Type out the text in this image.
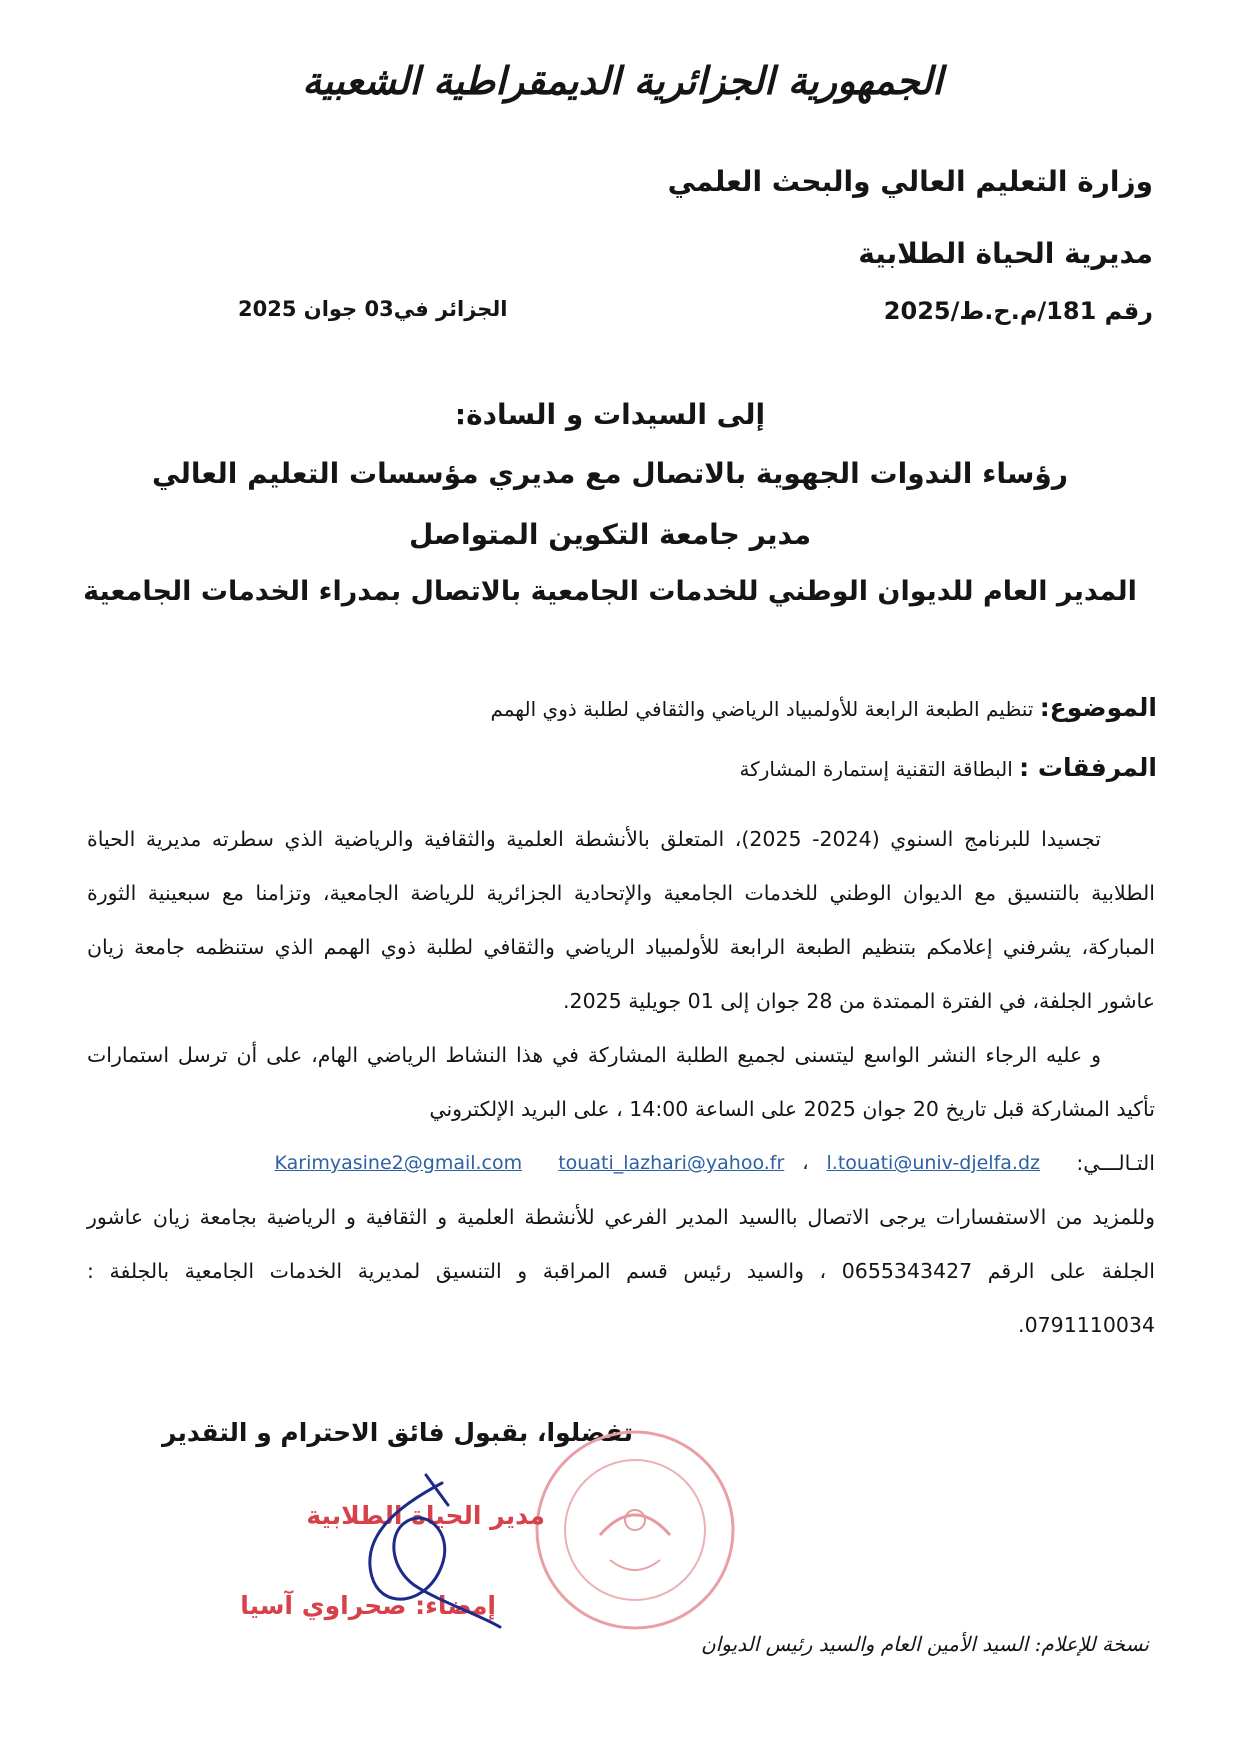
الجمهورية الجزائرية الديمقراطية الشعبية
وزارة التعليم العالي والبحث العلمي
مديرية الحياة الطلابية
رقم 181/م.ح.ط/2025
الجزائر في03 جوان 2025
إلى السيدات و السادة:
رؤساء الندوات الجهوية بالاتصال مع مديري مؤسسات التعليم العالي
مدير جامعة التكوين المتواصل
المدير العام للديوان الوطني للخدمات الجامعية بالاتصال بمدراء الخدمات الجامعية
الموضوع: تنظيم الطبعة الرابعة للأولمبياد الرياضي والثقافي لطلبة ذوي الهمم
المرفقات : البطاقة التقنية إستمارة المشاركة

تجسيدا للبرنامج السنوي (2024- 2025)، المتعلق بالأنشطة العلمية والثقافية والرياضية الذي سطرته مديرية الحياة الطلابية بالتنسيق مع الديوان الوطني للخدمات الجامعية والإتحادية الجزائرية للرياضة الجامعية، وتزامنا مع سبعينية الثورة المباركة، يشرفني إعلامكم بتنظيم الطبعة الرابعة للأولمبياد الرياضي والثقافي لطلبة ذوي الهمم الذي ستنظمه جامعة زيان عاشور الجلفة، في الفترة الممتدة من 28 جوان إلى 01 جويلية 2025.

و عليه الرجاء النشر الواسع ليتسنى لجميع الطلبة المشاركة في هذا النشاط الرياضي الهام، على أن ترسل استمارات تأكيد المشاركة قبل تاريخ 20 جوان 2025 على الساعة 14:00 ، على البريد الإلكتروني

التـالـــي:
Karimyasine2@gmail.com touati_lazhari@yahoo.fr ، l.touati@univ-djelfa.dz

وللمزيد من الاستفسارات يرجى الاتصال باالسيد المدير الفرعي للأنشطة العلمية و الثقافية و الرياضية بجامعة زيان عاشور الجلفة على الرقم 0655343427 ، والسيد رئيس قسم المراقبة و التنسيق لمديرية الخدمات الجامعية بالجلفة : 0791110034.

تفضلوا، بقبول فائق الاحترام و التقدير
مدير الحياة الطلابية
إمضاء: صحراوي آسيا
نسخة للإعلام: السيد الأمين العام والسيد رئيس الديوان
